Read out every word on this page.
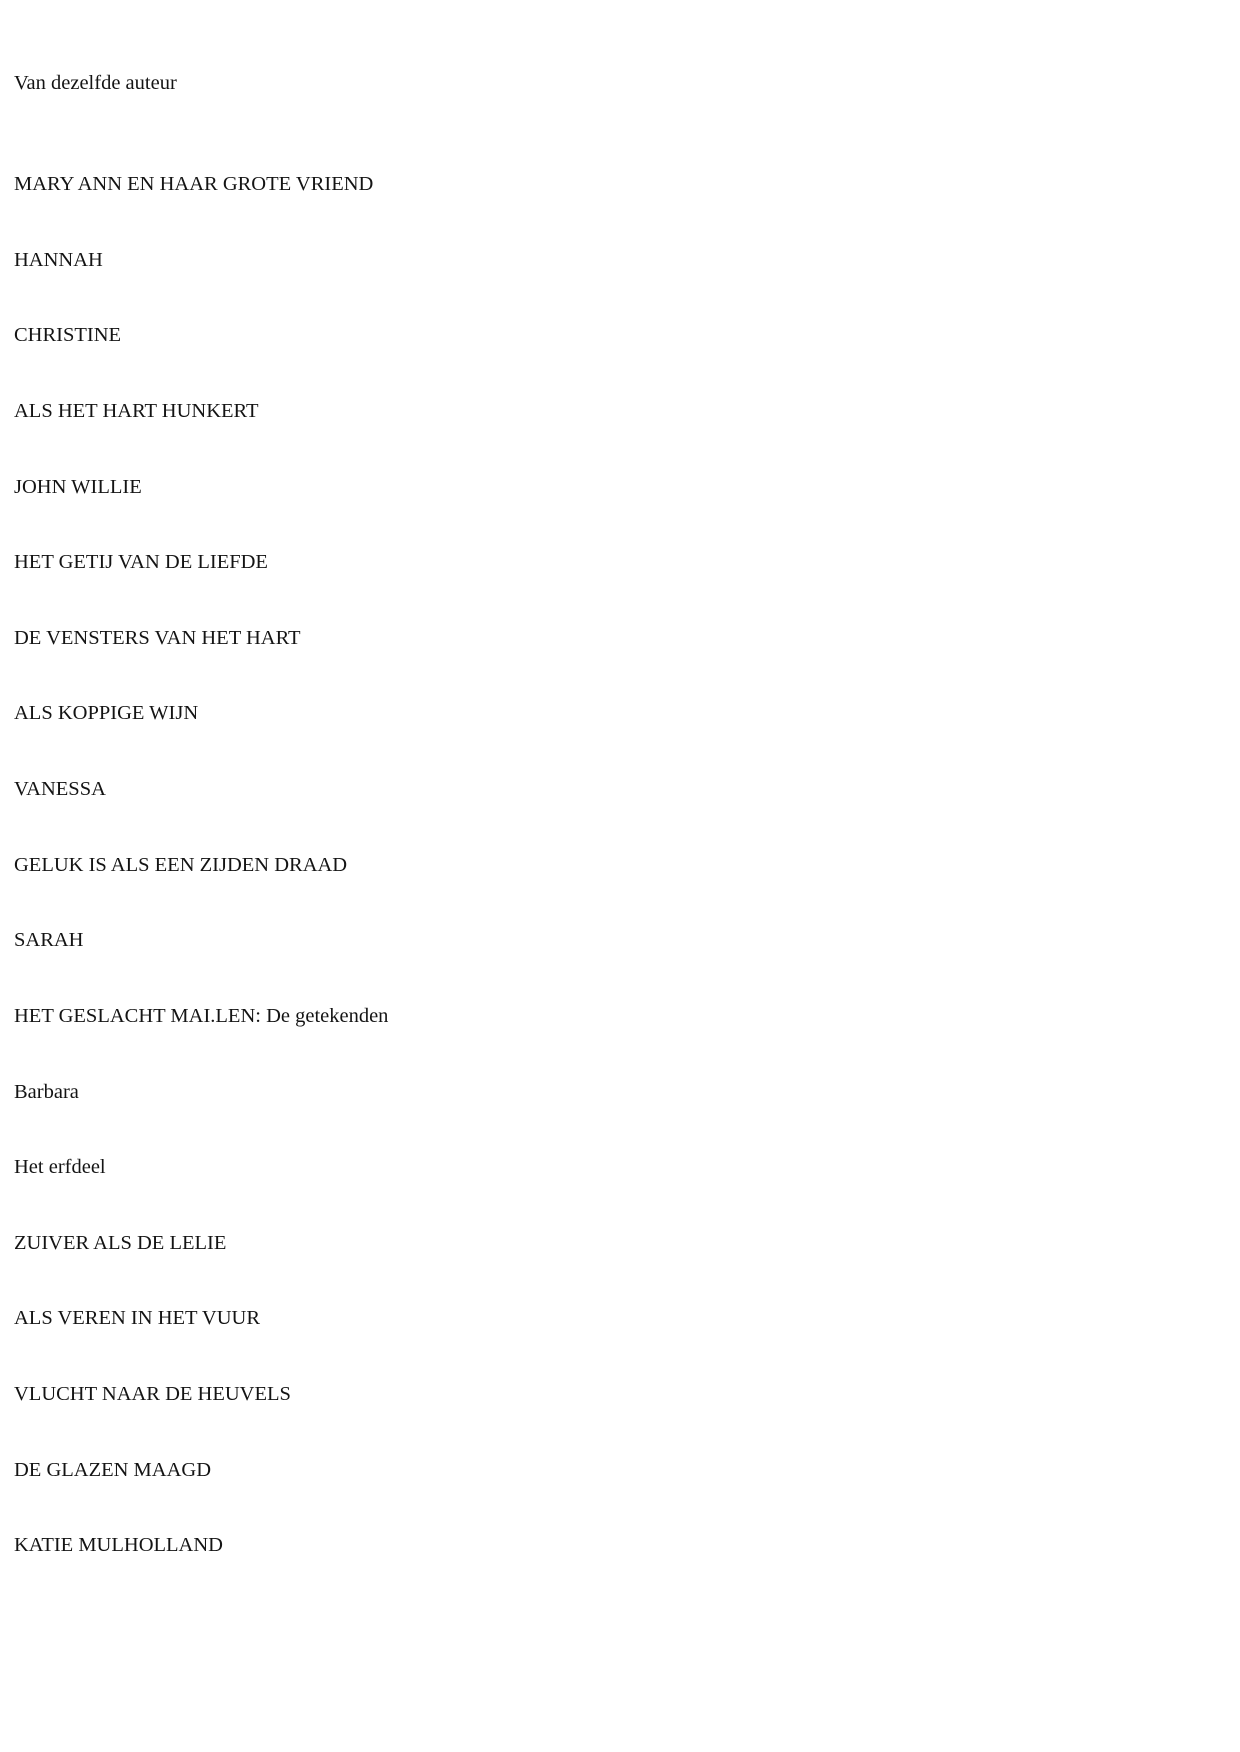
Van dezelfde auteur

MARY ANN EN HAAR GROTE VRIEND

HANNAH

CHRISTINE

ALS HET HART HUNKERT

JOHN WILLIE

HET GETIJ VAN DE LIEFDE

DE VENSTERS VAN HET HART

ALS KOPPIGE WIJN

VANESSA

GELUK IS ALS EEN ZIJDEN DRAAD

SARAH

HET GESLACHT MAI.LEN: De getekenden

Barbara

Het erfdeel

ZUIVER ALS DE LELIE

ALS VEREN IN HET VUUR

VLUCHT NAAR DE HEUVELS

DE GLAZEN MAAGD

KATIE MULHOLLAND
